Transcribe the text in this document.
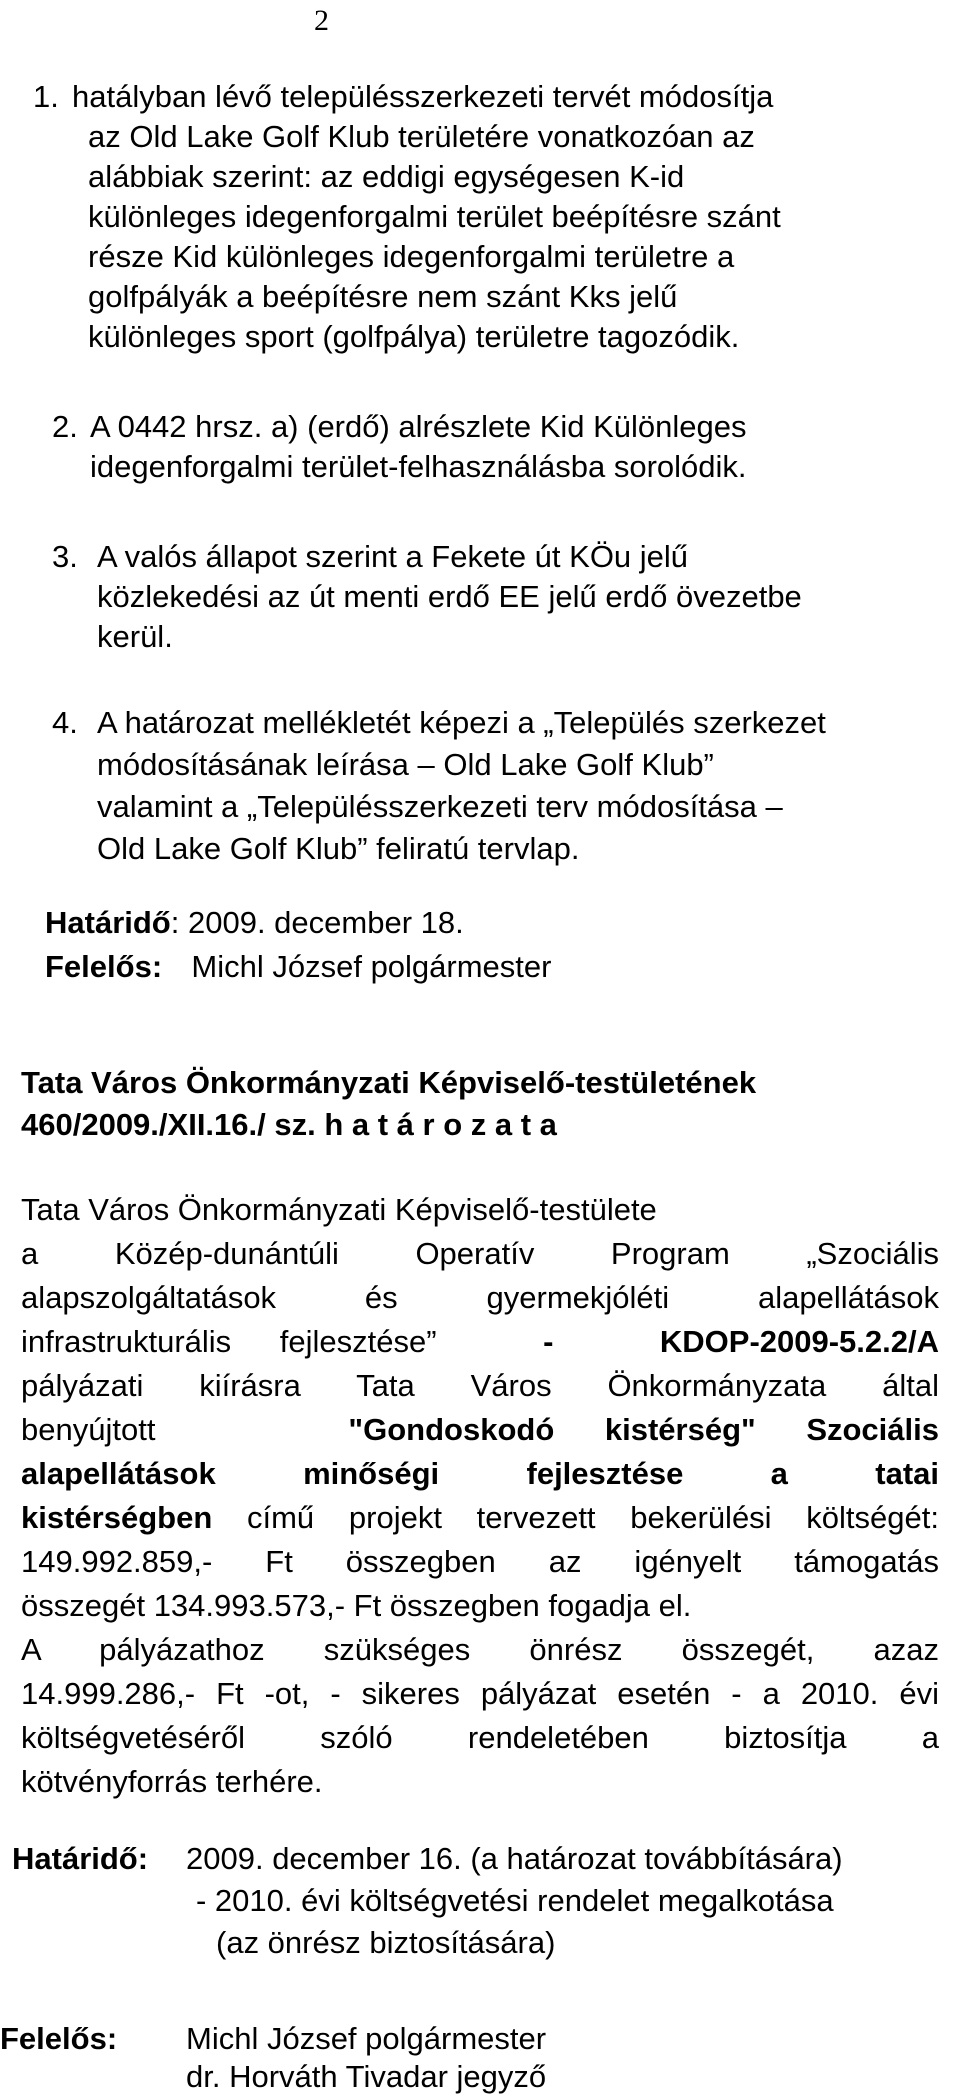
2
1. hatályban lévő településszerkezeti tervét módosítja
az Old Lake Golf Klub területére vonatkozóan az
alábbiak szerint: az eddigi egységesen K-id
különleges idegenforgalmi terület beépítésre szánt
része Kid különleges idegenforgalmi területre a
golfpályák a beépítésre nem szánt Kks jelű
különleges sport (golfpálya) területre tagozódik.
2. A 0442 hrsz. a) (erdő) alrészlete Kid Különleges
idegenforgalmi terület-felhasználásba sorolódik.
3. A valós állapot szerint a Fekete út KÖu jelű
közlekedési az út menti erdő EE jelű erdő övezetbe
kerül.
4. A határozat mellékletét képezi a „Település szerkezet
módosításának leírása – Old Lake Golf Klub”
valamint a „Településszerkezeti terv módosítása –
Old Lake Golf Klub” feliratú tervlap.
Határidő: 2009. december 18.
Felelős: Michl József polgármester
Tata Város Önkormányzati Képviselő-testületének
460/2009./XII.16./ sz. h a t á r o z a t a
Tata Város Önkormányzati Képviselő-testülete
a Közép-dunántúli Operatív Program „Szociális
alapszolgáltatások és gyermekjóléti alapellátások
infrastrukturális fejlesztése”	-	KDOP-2009-5.2.2/A
pályázati kiírásra Tata Város Önkormányzata által
benyújtott	"Gondoskodó kistérség" Szociális
alapellátások minőségi fejlesztése a tatai
kistérségben című projekt tervezett bekerülési költségét:
149.992.859,- Ft összegben az igényelt támogatás
összegét 134.993.573,- Ft összegben fogadja el.
A pályázathoz szükséges önrész összegét, azaz
14.999.286,- Ft -ot, - sikeres pályázat esetén - a 2010. évi
költségvetéséről szóló rendeletében biztosítja a
kötvényforrás terhére.
Határidő: 2009. december 16. (a határozat továbbítására)
- 2010. évi költségvetési rendelet megalkotása
(az önrész biztosítására)
Felelős: Michl József polgármester
dr. Horváth Tivadar jegyző
